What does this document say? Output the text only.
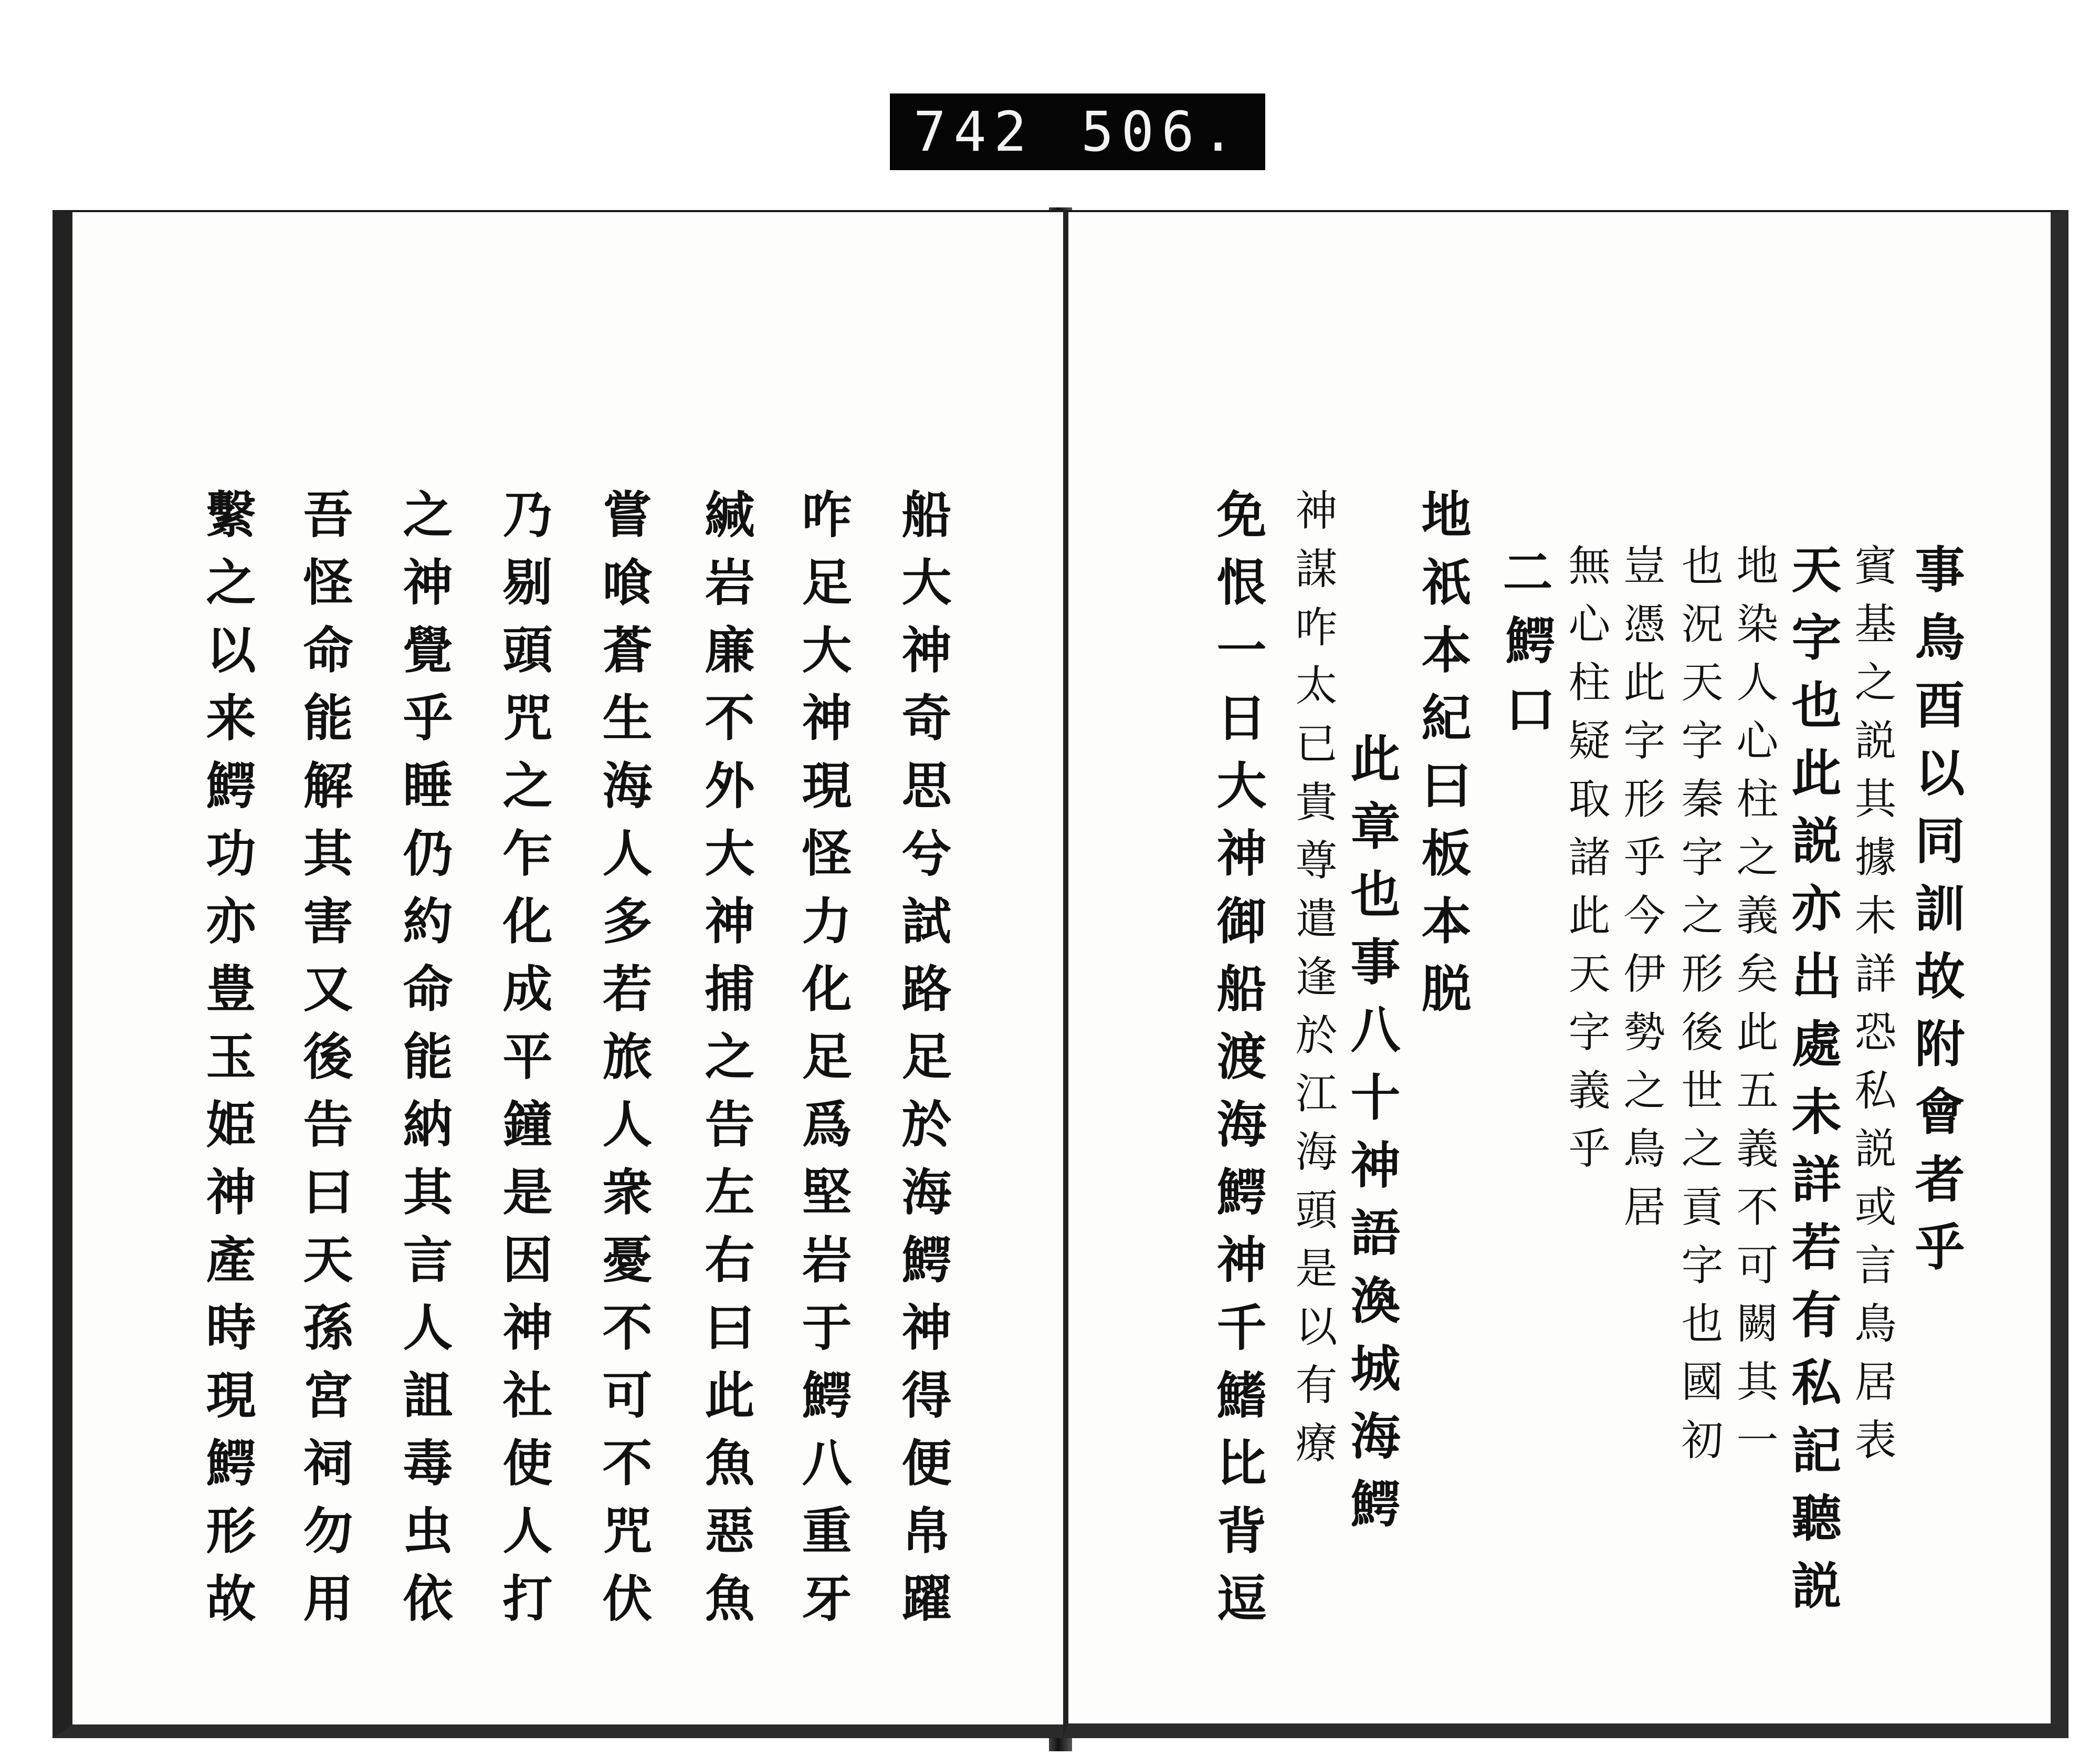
742 506.
事鳥酉以同訓故附會者乎
賓基之説其據未詳恐私説或言鳥居表
天字也此説亦出處未詳若有私記聽説
地染人心柱之義矣此五義不可闕其一
也況天字秦字之形後世之貢字也國初
豈憑此字形乎今伊勢之鳥居
無心柱疑取諸此天字義乎
二
鰐口
地祇本紀曰板本脱
此章也事八十神語渙城海鰐
神謀咋太已貴尊遣逢於江海頭是以有療
免恨一日大神御船渡海鰐神千鰭比背逗
船大神奇思兮試路足於海鰐神得便帛躍
咋足大神現怪力化足爲堅岩于鰐八重牙
緘岩廉不外大神捕之告左右曰此魚惡魚
嘗喰蒼生海人多若旅人衆憂不可不咒伏
乃剔頭咒之乍化成平鐘是因神社使人打
之神覺乎睡仍約命能納其言人詛毒虫依
吾怪命能解其害又後告曰天孫宮祠勿用
繫之以来鰐功亦豊玉姫神產時現鰐形故
